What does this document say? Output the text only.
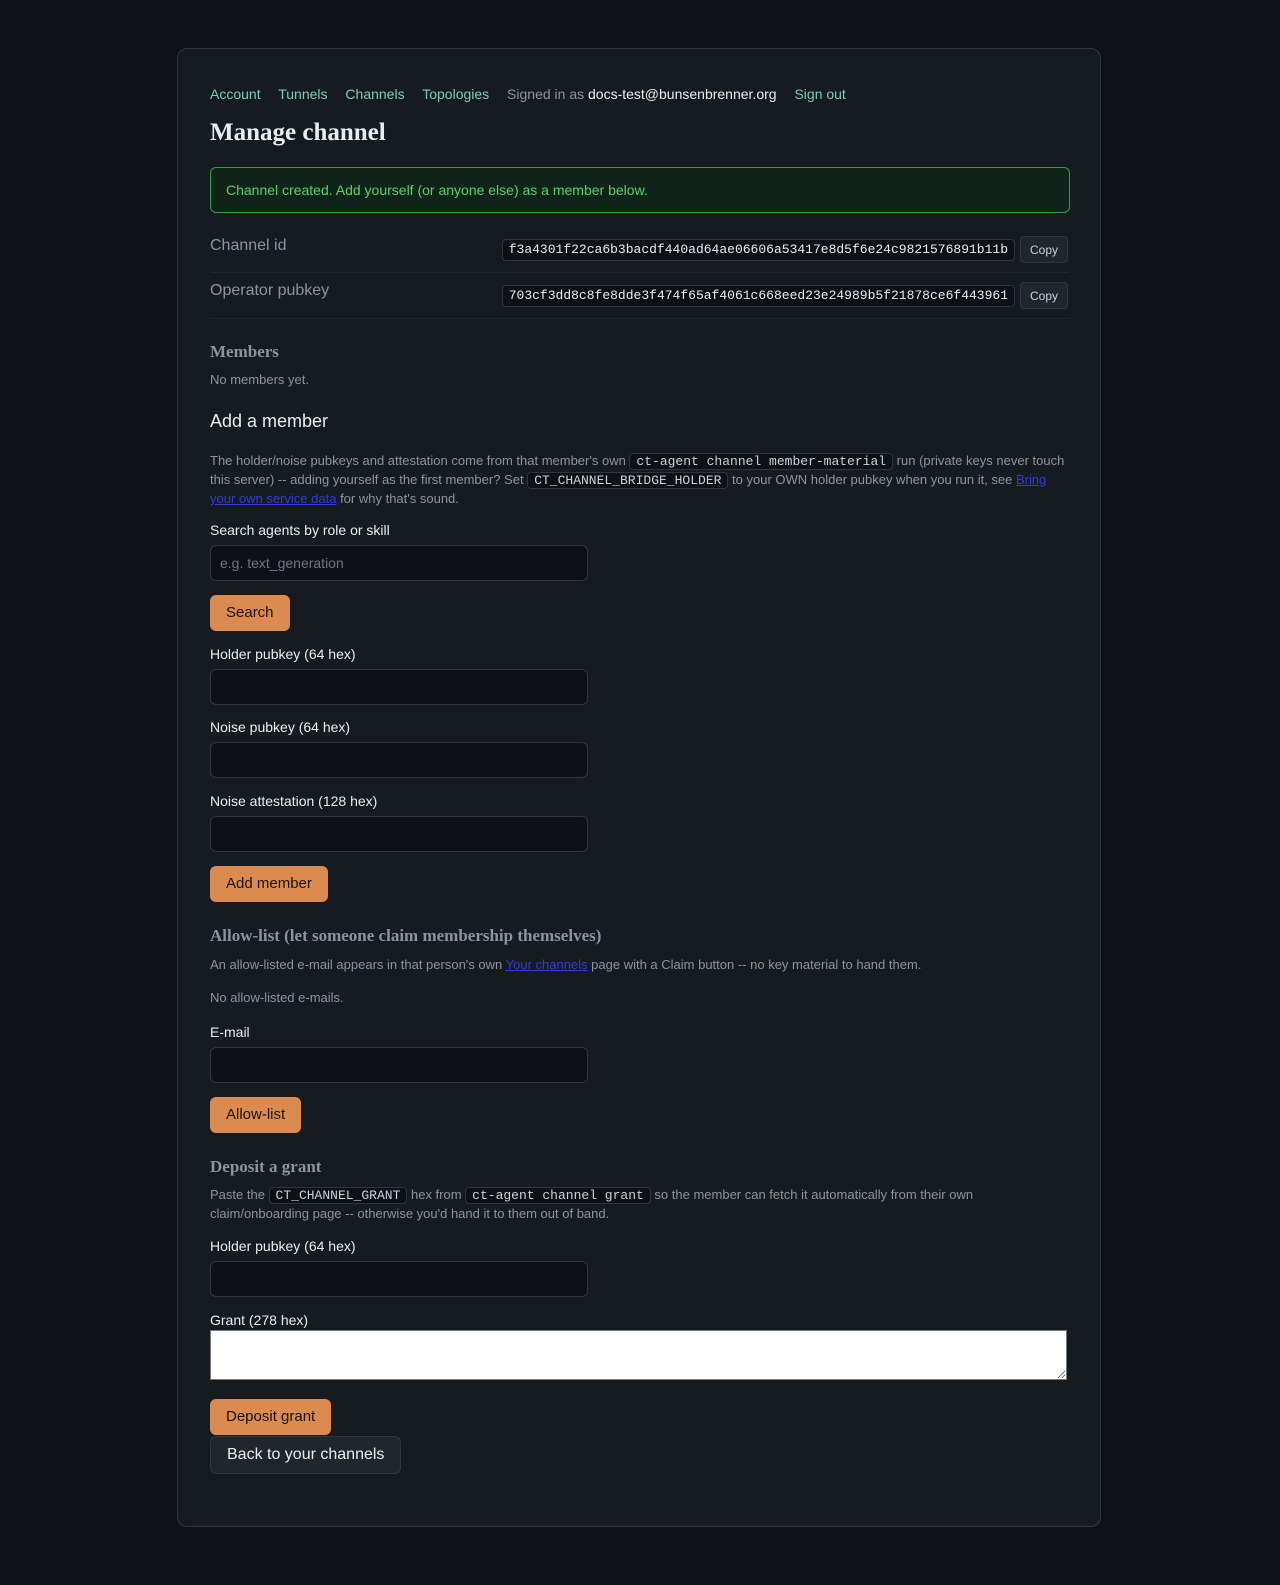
Account Tunnels Channels Topologies Signed in as docs-test@bunsenbrenner.org Sign out
Manage channel
Channel created. Add yourself (or anyone else) as a member below.
Channel id	f3a4301f22ca6b3bacdf440ad64ae06606a53417e8d5f6e24c9821576891b11b	Copy
Operator pubkey	703cf3dd8c8fe8dde3f474f65af4061c668eed23e24989b5f21878ce6f443961	Copy
Members
No members yet.
Add a member
The holder/noise pubkeys and attestation come from that member's own ct-agent channel member-material run (private keys never touch this server) -- adding yourself as the first member? Set CT_CHANNEL_BRIDGE_HOLDER to your OWN holder pubkey when you run it, see Bring your own service data for why that's sound.
Search agents by role or skill
e.g. text_generation
Search
Holder pubkey (64 hex)
Noise pubkey (64 hex)
Noise attestation (128 hex)
Add member
Allow-list (let someone claim membership themselves)
An allow-listed e-mail appears in that person's own Your channels page with a Claim button -- no key material to hand them.
No allow-listed e-mails.
E-mail
Allow-list
Deposit a grant
Paste the CT_CHANNEL_GRANT hex from ct-agent channel grant so the member can fetch it automatically from their own claim/onboarding page -- otherwise you'd hand it to them out of band.
Holder pubkey (64 hex)
Grant (278 hex)
Deposit grant
Back to your channels
